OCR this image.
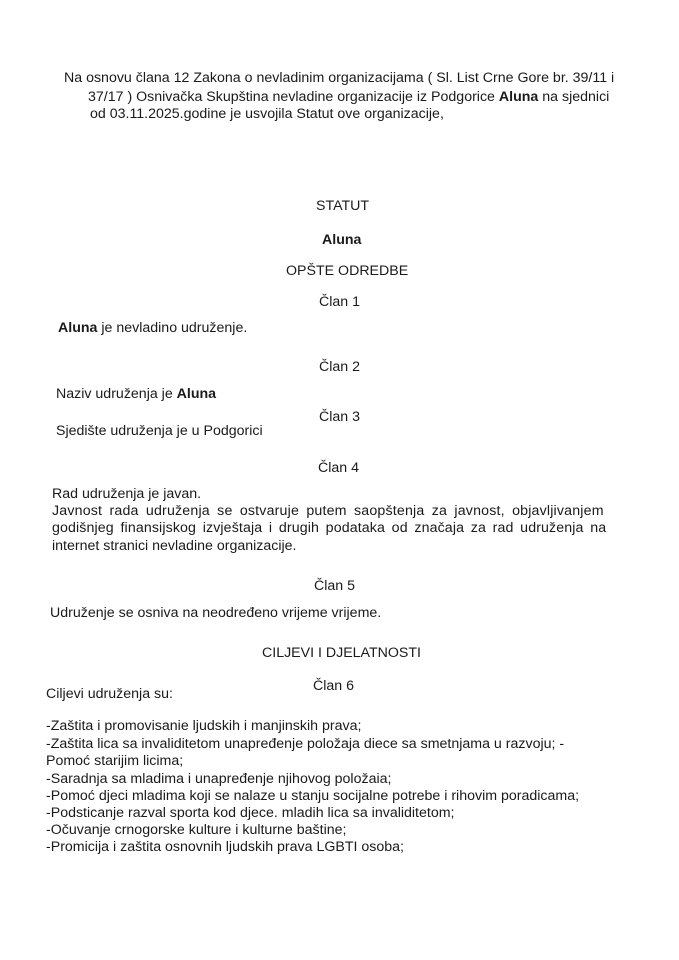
Na osnovu člana 12 Zakona o nevladinim organizacijama ( Sl. List Crne Gore br. 39/11 i
37/17 ) Osnivačka Skupština nevladine organizacije iz Podgorice Aluna na sjednici
od 03.11.2025.godine je usvojila Statut ove organizacije,
STATUT
Aluna
OPŠTE ODREDBE
Član 1
Aluna je nevladino udruženje.
Član 2
Naziv udruženja je Aluna
Član 3
Sjedište udruženja je u Podgorici
Član 4
Rad udruženja je javan.
Javnost rada udruženja se ostvaruje putem saopštenja za javnost, objavljivanjem
godišnjeg finansijskog izvještaja i drugih podataka od značaja za rad udruženja na
internet stranici nevladine organizacije.
Član 5
Udruženje se osniva na neodređeno vrijeme vrijeme.
CILJEVI I DJELATNOSTI
Član 6
Ciljevi udruženja su:
-Zaštita i promovisanie ljudskih i manjinskih prava;
-Zaštita lica sa invaliditetom unapređenje položaja diece sa smetnjama u razvoju; -
Pomoć starijim licima;
-Saradnja sa mladima i unapređenje njihovog položaia;
-Pomoć djeci mladima koji se nalaze u stanju socijalne potrebe i rihovim poradicama;
-Podsticanje razval sporta kod djece. mladih lica sa invaliditetom;
-Očuvanje crnogorske kulture i kulturne baštine;
-Promicija i zaštita osnovnih ljudskih prava LGBTI osoba;
